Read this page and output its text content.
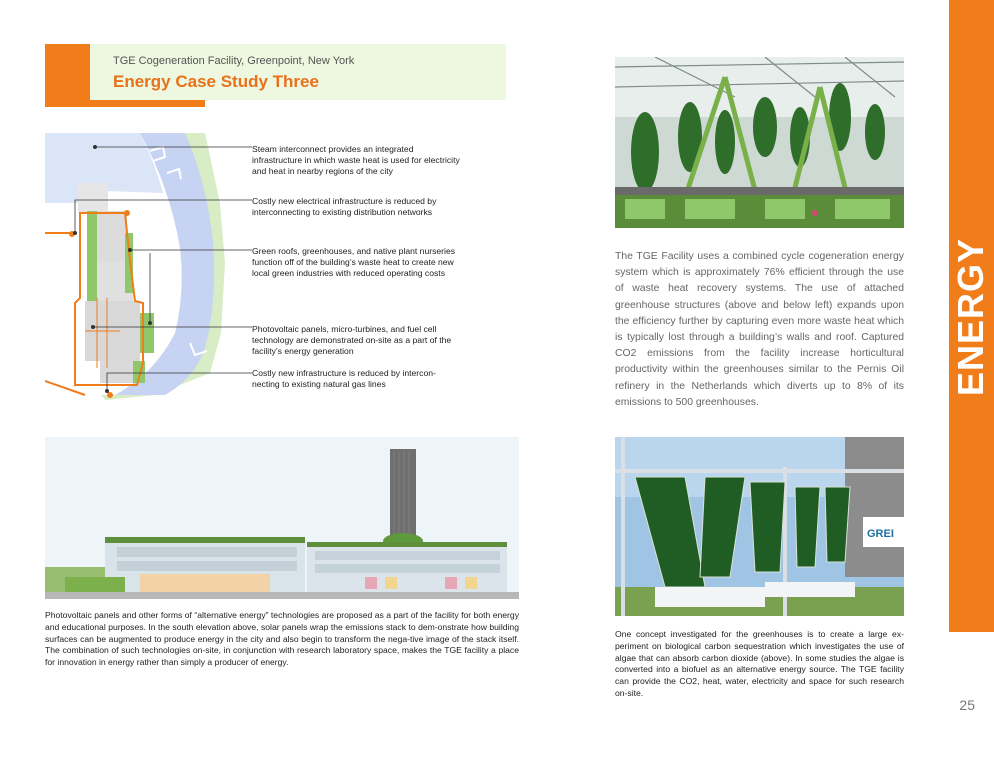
TGE Cogeneration Facility, Greenpoint, New York
Energy Case Study Three
Steam interconnect provides an integrated infrastructure in which waste heat is used for electricity and heat in nearby regions of the city
Costly new electrical infrastructure is reduced by interconnecting to existing distribution networks
Green roofs, greenhouses, and native plant nurseries function off of the building’s waste heat to create new local green industries with reduced operating costs
Photovoltaic panels, micro-turbines, and fuel cell technology are demonstrated on-site as a part of the facility’s energy generation
Costly new infrastructure is reduced by intercon-necting to existing natural gas lines
The TGE Facility uses a combined cycle cogeneration energy system which is approximately 76% efficient through the use of waste heat recovery systems. The use of attached greenhouse structures (above and below left) expands upon the efficiency further by capturing even more waste heat which is typically lost through a building’s walls and roof. Captured CO2 emissions from the facility increase horticultural productivity within the greenhouses similar to the Pernis Oil refinery in the Netherlands which diverts up to 8% of its emissions to 500 greenhouses.
GREI
Photovoltaic panels and other forms of “alternative energy” technologies are proposed as a part of the facility for both energy and educational purposes. In the south elevation above, solar panels wrap the emissions stack to dem-onstrate how building surfaces can be augmented to produce energy in the city and also begin to transform the nega-tive image of the stack itself. The combination of such technologies on-site, in conjunction with research laboratory space, makes the TGE facility a place for innovation in energy rather than simply a producer of energy.
One concept investigated for the greenhouses is to create a large ex-periment on biological carbon sequestration which investigates the use of algae that can absorb carbon dioxide (above). In some studies the algae is converted into a biofuel as an alternative energy source. The TGE facility can provide the CO2, heat, water, electricity and space for such research on-site.
ENERGY
25
